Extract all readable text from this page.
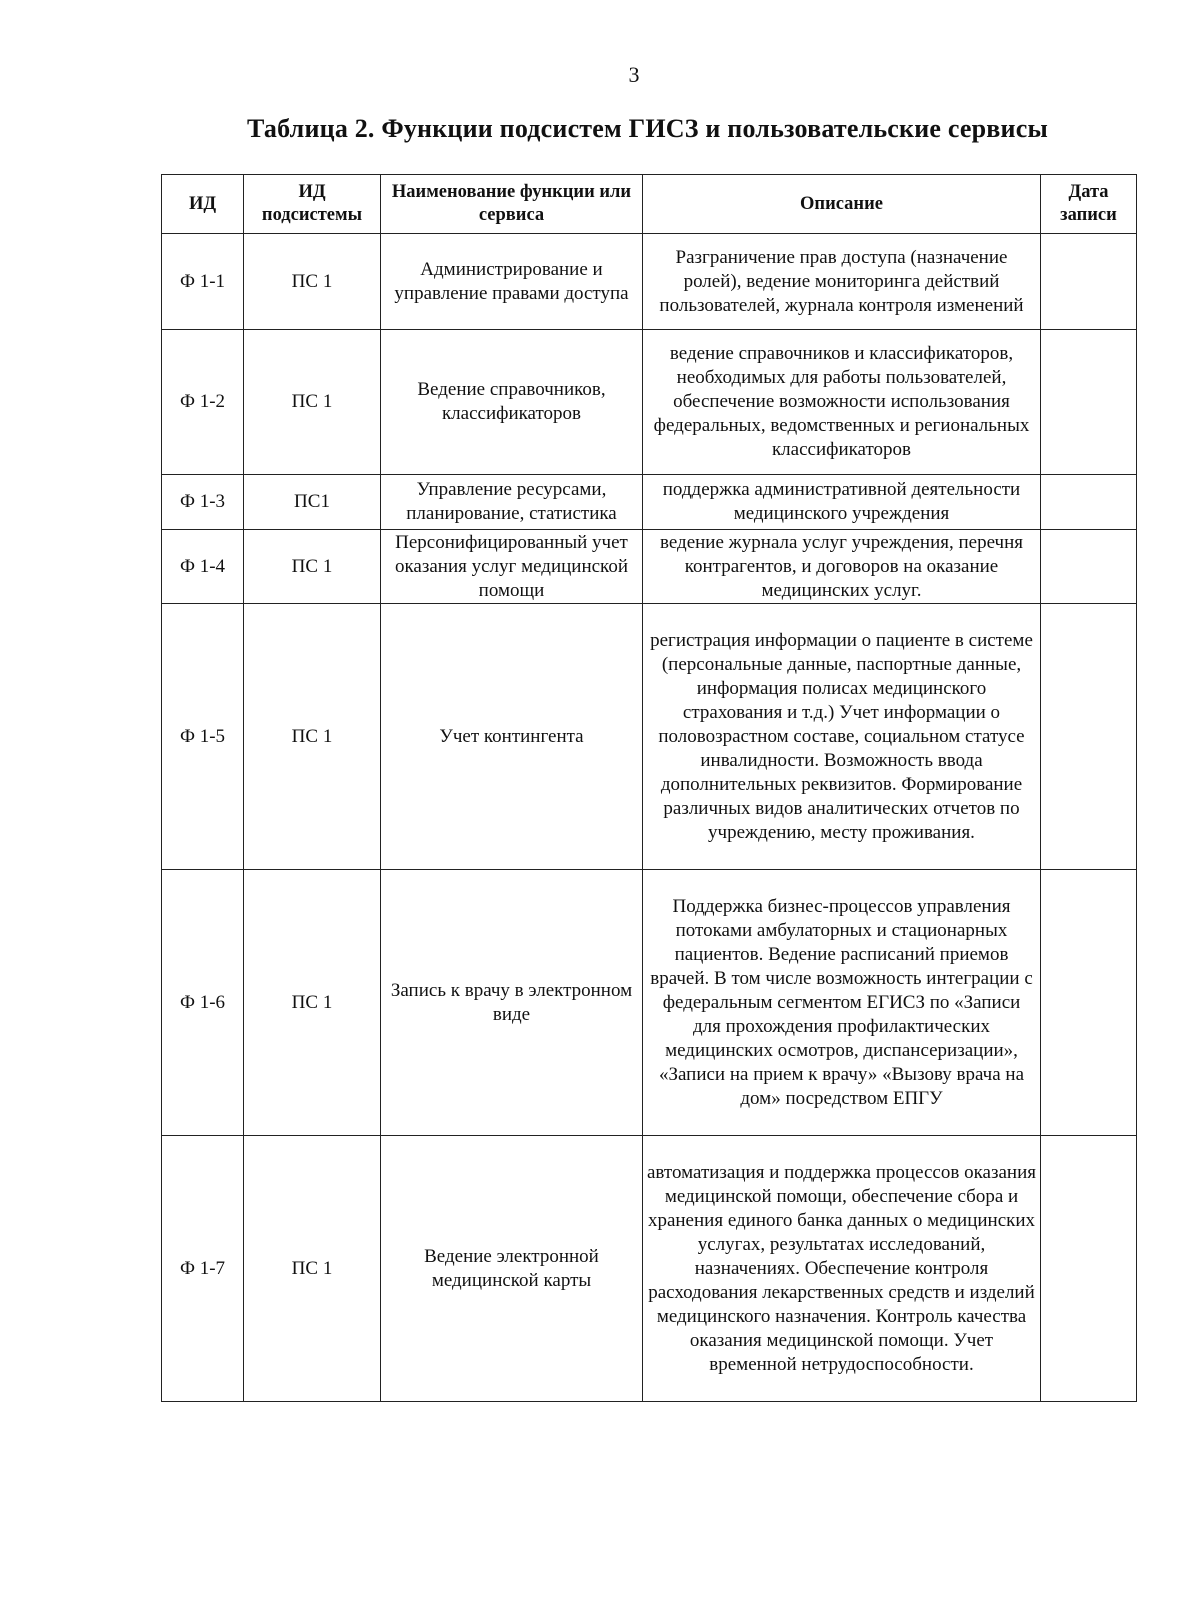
3
Таблица 2. Функции подсистем ГИСЗ и пользовательские сервисы
ИД	ИД подсистемы	Наименование функции или сервиса	Описание	Дата записи
Ф 1-1	ПС 1	Администрирование и управление правами доступа	Разграничение прав доступа (назначение ролей), ведение мониторинга действий пользователей, журнала контроля изменений	
Ф 1-2	ПС 1	Ведение справочников, классификаторов	ведение справочников и классификаторов, необходимых для работы пользователей, обеспечение возможности использования федеральных, ведомственных и региональных классификаторов	
Ф 1-3	ПС1	Управление ресурсами, планирование, статистика	поддержка административной деятельности медицинского учреждения	
Ф 1-4	ПС 1	Персонифицированный учет оказания услуг медицинской помощи	ведение журнала услуг учреждения, перечня контрагентов, и договоров на оказание медицинских услуг.	
Ф 1-5	ПС 1	Учет контингента	регистрация информации о пациенте в системе (персональные данные, паспортные данные, информация полисах медицинского страхования и т.д.) Учет информации о половозрастном составе, социальном статусе инвалидности. Возможность ввода дополнительных реквизитов. Формирование различных видов аналитических отчетов по учреждению, месту проживания.	
Ф 1-6	ПС 1	Запись к врачу в электронном виде	Поддержка бизнес-процессов управления потоками амбулаторных и стационарных пациентов. Ведение расписаний приемов врачей. В том числе возможность интеграции с федеральным сегментом ЕГИСЗ по «Записи для прохождения профилактических медицинских осмотров, диспансеризации», «Записи на прием к врачу» «Вызову врача на дом» посредством ЕПГУ	
Ф 1-7	ПС 1	Ведение электронной медицинской карты	автоматизация и поддержка процессов оказания медицинской помощи, обеспечение сбора и хранения единого банка данных о медицинских услугах, результатах исследований, назначениях. Обеспечение контроля расходования лекарственных средств и изделий медицинского назначения. Контроль качества оказания медицинской помощи. Учет временной нетрудоспособности.	
